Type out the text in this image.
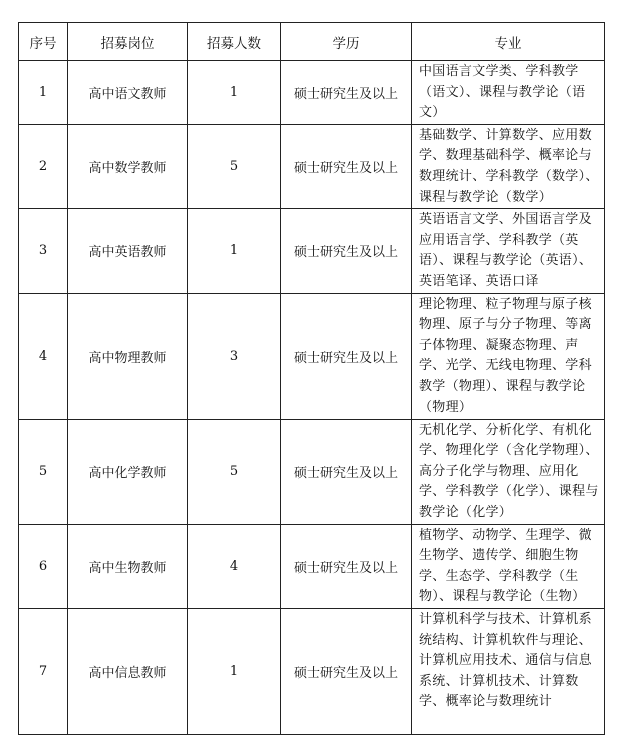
序号	招募岗位	招募人数	学历	专业
1	高中语文教师	1	硕士研究生及以上	中国语言文学类、学科教学（语文）、课程与教学论（语文）
2	高中数学教师	5	硕士研究生及以上	基础数学、计算数学、应用数学、数理基础科学、概率论与数理统计、学科教学（数学）、课程与教学论（数学）
3	高中英语教师	1	硕士研究生及以上	英语语言文学、外国语言学及应用语言学、学科教学（英语）、课程与教学论（英语）、英语笔译、英语口译
4	高中物理教师	3	硕士研究生及以上	理论物理、粒子物理与原子核物理、原子与分子物理、等离子体物理、凝聚态物理、声学、光学、无线电物理、学科教学（物理）、课程与教学论（物理）
5	高中化学教师	5	硕士研究生及以上	无机化学、分析化学、有机化学、物理化学（含化学物理）、高分子化学与物理、应用化学、学科教学（化学）、课程与教学论（化学）
6	高中生物教师	4	硕士研究生及以上	植物学、动物学、生理学、微生物学、遗传学、细胞生物学、生态学、学科教学（生物）、课程与教学论（生物）
7	高中信息教师	1	硕士研究生及以上	计算机科学与技术、计算机系统结构、计算机软件与理论、计算机应用技术、通信与信息系统、计算机技术、计算数学、概率论与数理统计
